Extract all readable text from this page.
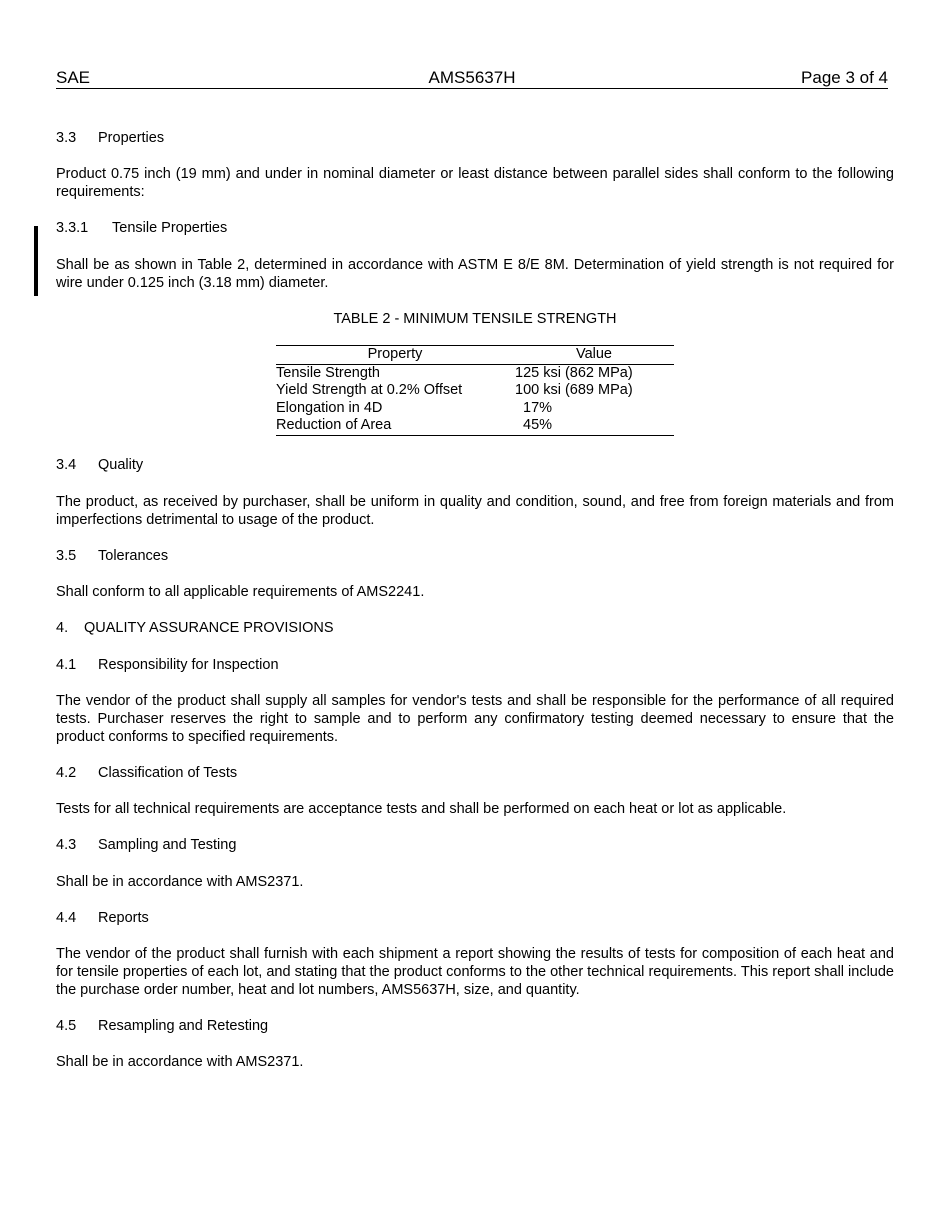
SAE	AMS5637H	Page 3 of 4
3.3 Properties
Product 0.75 inch (19 mm) and under in nominal diameter or least distance between parallel sides shall conform to the following requirements:
3.3.1 Tensile Properties
Shall be as shown in Table 2, determined in accordance with ASTM E 8/E 8M. Determination of yield strength is not required for wire under 0.125 inch (3.18 mm) diameter.
TABLE 2 - MINIMUM TENSILE STRENGTH
Property	Value
Tensile Strength	125 ksi (862 MPa)
Yield Strength at 0.2% Offset	100 ksi (689 MPa)
Elongation in 4D	17%
Reduction of Area	45%
3.4 Quality
The product, as received by purchaser, shall be uniform in quality and condition, sound, and free from foreign materials and from imperfections detrimental to usage of the product.
3.5 Tolerances
Shall conform to all applicable requirements of AMS2241.
4. QUALITY ASSURANCE PROVISIONS
4.1 Responsibility for Inspection
The vendor of the product shall supply all samples for vendor's tests and shall be responsible for the performance of all required tests. Purchaser reserves the right to sample and to perform any confirmatory testing deemed necessary to ensure that the product conforms to specified requirements.
4.2 Classification of Tests
Tests for all technical requirements are acceptance tests and shall be performed on each heat or lot as applicable.
4.3 Sampling and Testing
Shall be in accordance with AMS2371.
4.4 Reports
The vendor of the product shall furnish with each shipment a report showing the results of tests for composition of each heat and for tensile properties of each lot, and stating that the product conforms to the other technical requirements. This report shall include the purchase order number, heat and lot numbers, AMS5637H, size, and quantity.
4.5 Resampling and Retesting
Shall be in accordance with AMS2371.
